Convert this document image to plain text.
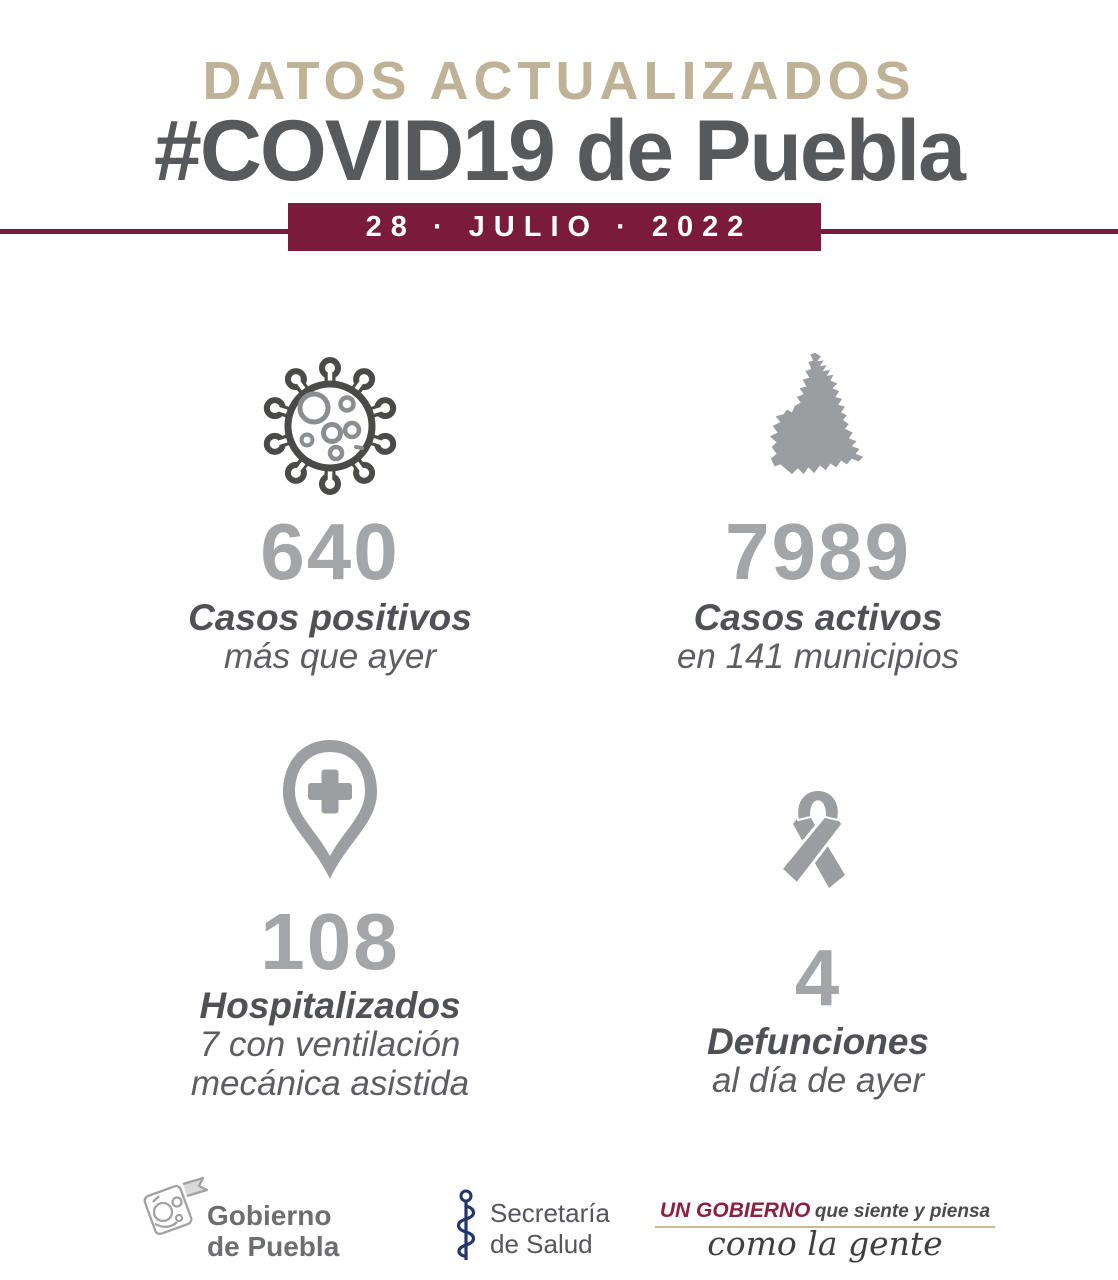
DATOS ACTUALIZADOS
#COVID19 de Puebla
28 · JULIO · 2022
640
Casos positivos
más que ayer
7989
Casos activos
en 141 municipios
108
Hospitalizados
7 con ventilación
mecánica asistida
4
Defunciones
al día de ayer
Gobierno
de Puebla
Secretaría
de Salud
UN GOBIERNO que siente y piensa
como la gente
